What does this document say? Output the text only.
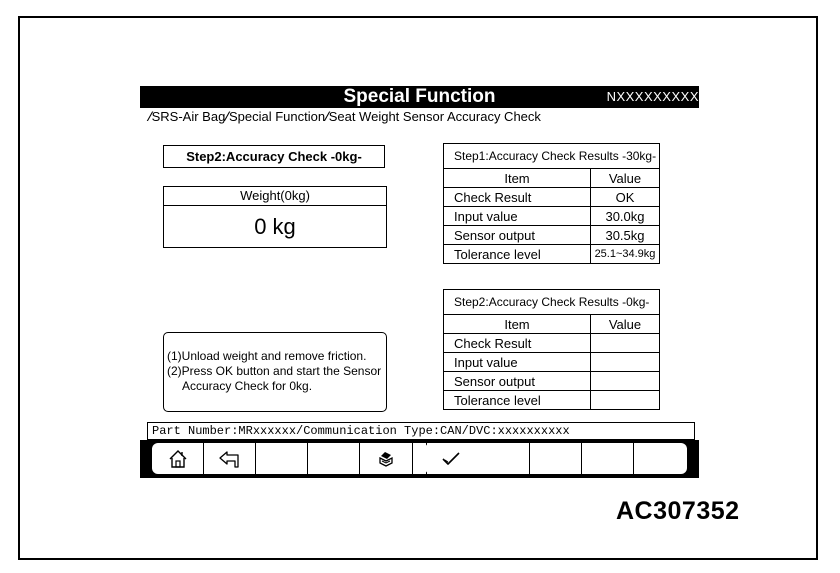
Special Function	NXXXXXXXXX
/SRS-Air Bag/Special Function/Seat Weight Sensor Accuracy Check
Step2:Accuracy Check -0kg-
Weight(0kg)
0 kg
(1)Unload weight and remove friction.
(2)Press OK button and start the Sensor
Accuracy Check for 0kg.
Step1:Accuracy Check Results -30kg-	
Item	Value
Check Result	OK
Input value	30.0kg
Sensor output	30.5kg
Tolerance level	25.1~34.9kg
Step2:Accuracy Check Results -0kg-	
Item	Value
Check Result	
Input value	
Sensor output	
Tolerance level	
Part Number:MRxxxxxx/Communication Type:CAN/DVC:xxxxxxxxxx
AC307352
